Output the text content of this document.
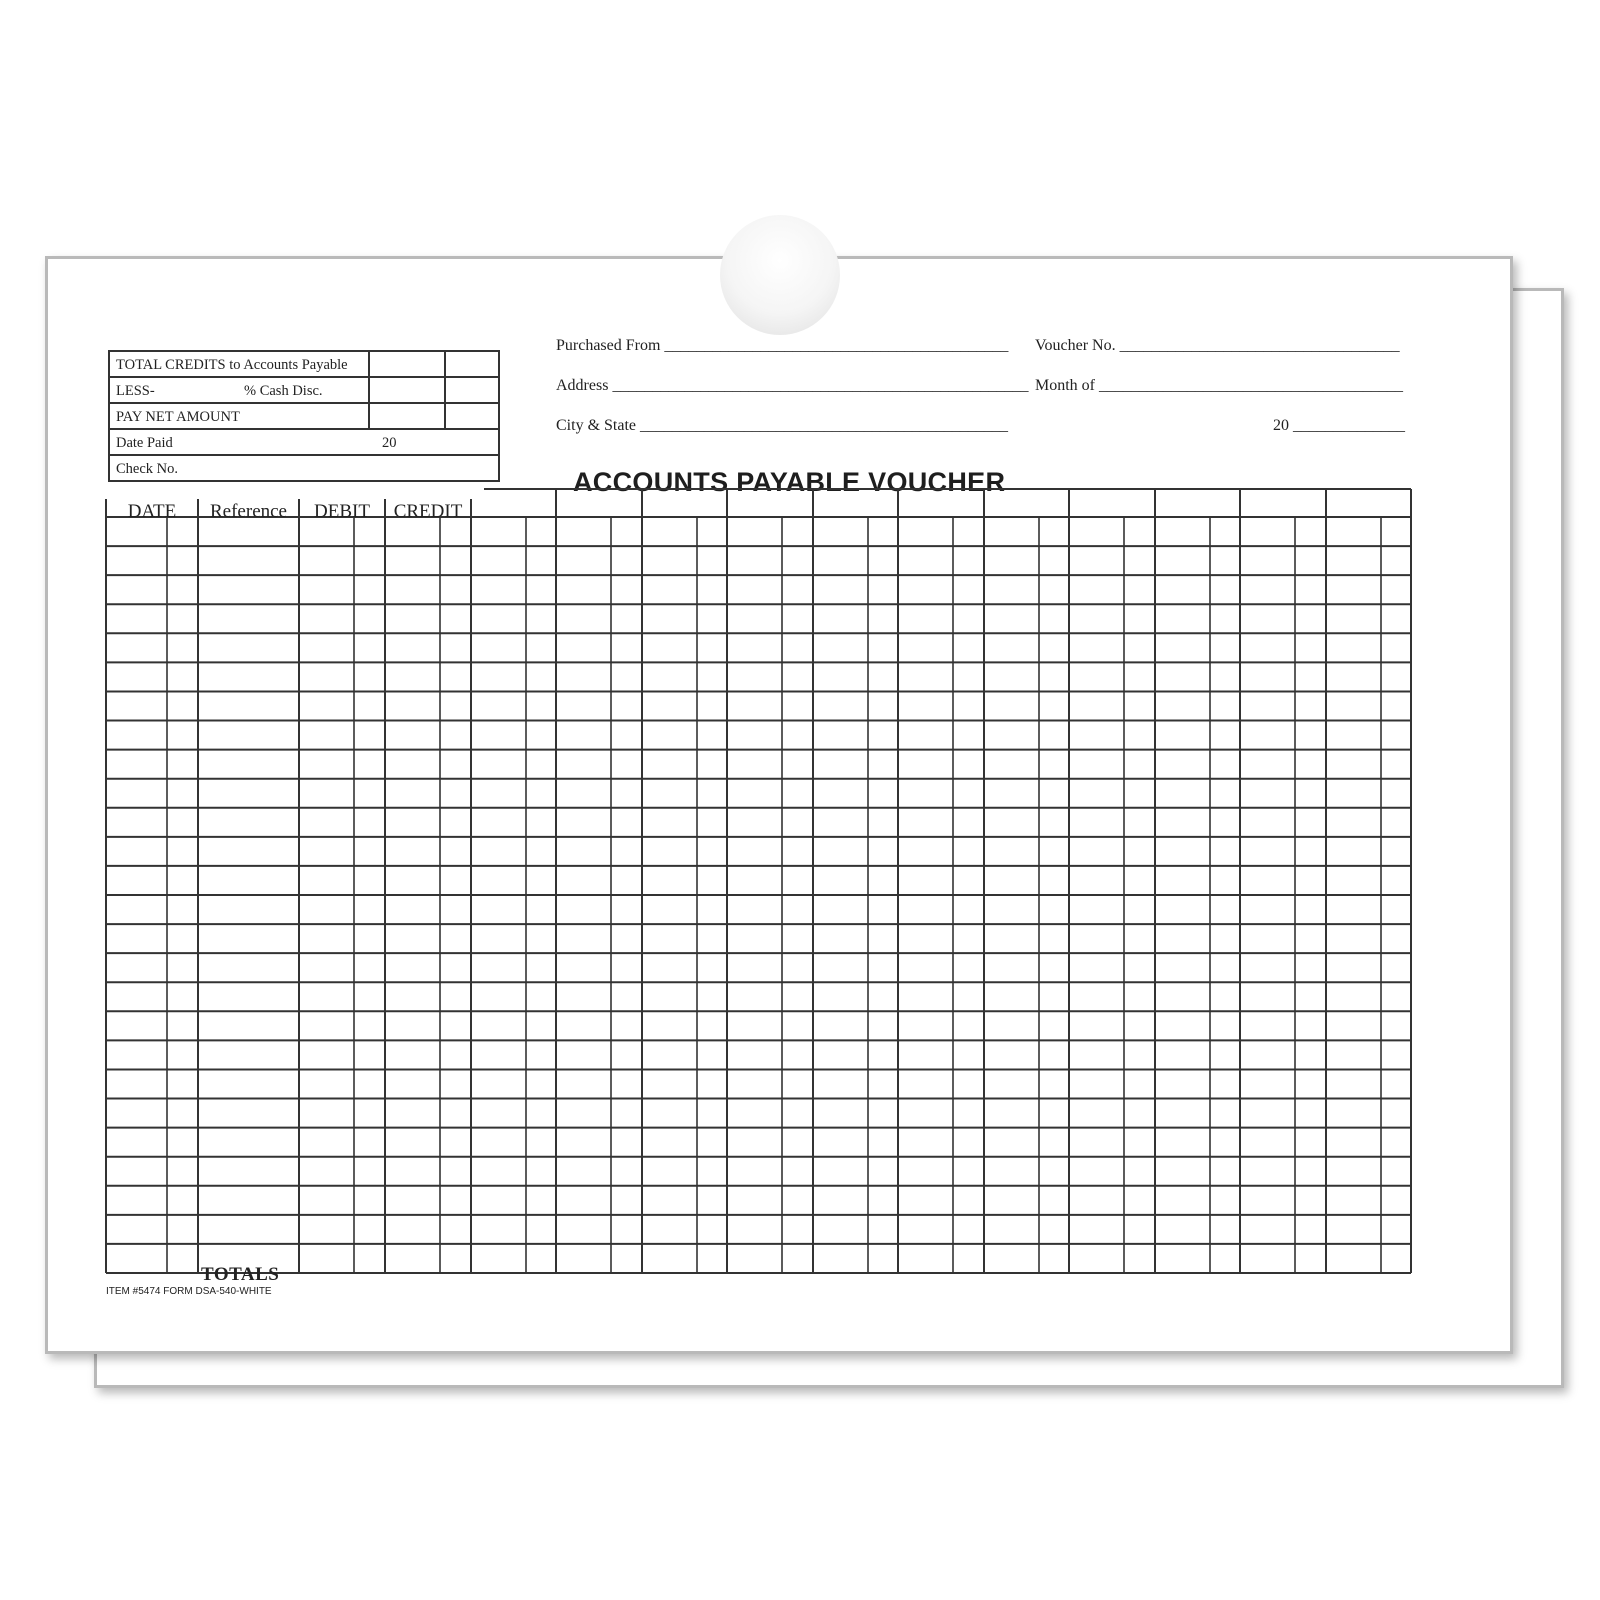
TOTAL CREDITS to Accounts Payable		

LESS- % Cash Disc.		

PAY NET AMOUNT		

Date Paid 20		

Check No.		
Purchased From ___________________________________________ Voucher No. ___________________________________
Address ____________________________________________________ Month of ______________________________________
City & State ______________________________________________	20 ______________
ACCOUNTS PAYABLE VOUCHER
DATE	Reference	DEBIT	CREDIT
TOTALS
ITEM #5474 FORM DSA-540-WHITE
